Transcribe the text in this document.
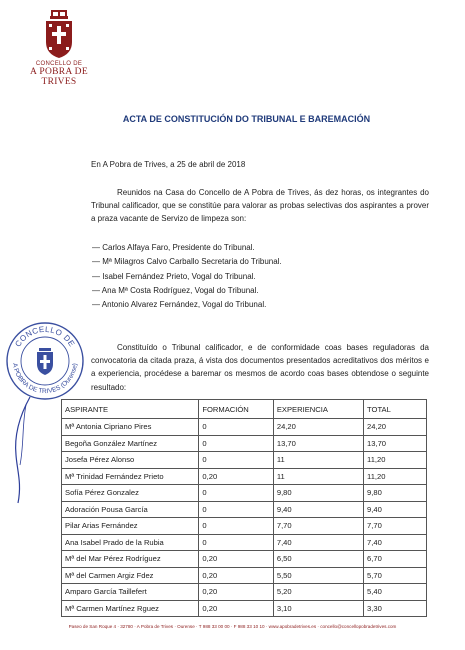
CONCELLO DE
A POBRA DE TRIVES
ACTA DE CONSTITUCIÓN DO TRIBUNAL E BAREMACIÓN
En A Pobra de Trives, a 25 de abril de 2018
Reunidos na Casa do Concello de A Pobra de Trives, ás dez horas, os integrantes do Tribunal calificador, que se constitúe para valorar as probas selectivas dos aspirantes a prover a praza vacante de Servizo de limpeza son:
— Carlos Alfaya Faro, Presidente do Tribunal.
— Mª Milagros Calvo Carballo Secretaria do Tribunal.
— Isabel Fernández Prieto, Vogal do Tribunal.
— Ana Mª Costa Rodríguez, Vogal do Tribunal.
— Antonio Alvarez Fernández, Vogal do Tribunal.
Constituído o Tribunal calificador, e de conformidade coas bases reguladoras da convocatoria da citada praza, á vista dos documentos presentados acreditativos dos méritos e a experiencia, procédese a baremar os mesmos de acordo coas bases obtendose o seguinte resultado:
CONCELLO DE
A POBRA DE TRIVES (Ourense)
ASPIRANTE	FORMACIÓN	EXPERIENCIA	TOTAL
Mª Antonia Cipriano Pires	0	24,20	24,20
Begoña González Martínez	0	13,70	13,70
Josefa Pérez Alonso	0	11	11,20
Mª Trinidad Fernández Prieto	0,20	11	11,20
Sofía Pérez Gonzalez	0	9,80	9,80
Adoración Pousa García	0	9,40	9,40
Pilar Arias Fernández	0	7,70	7,70
Ana Isabel Prado de la Rubia	0	7,40	7,40
Mª del Mar Pérez Rodríguez	0,20	6,50	6,70
Mª del Carmen Argiz Fdez	0,20	5,50	5,70
Amparo García Taillefert	0,20	5,20	5,40
Mª Carmen Martínez Rguez	0,20	3,10	3,30
Paseo de San Roque 4 · 32780 · A Pobra de Trives · Ourense · T 988 33 00 00 · F 988 33 10 10 · www.apobradetrives.es · concello@concellopobradetrives.com
